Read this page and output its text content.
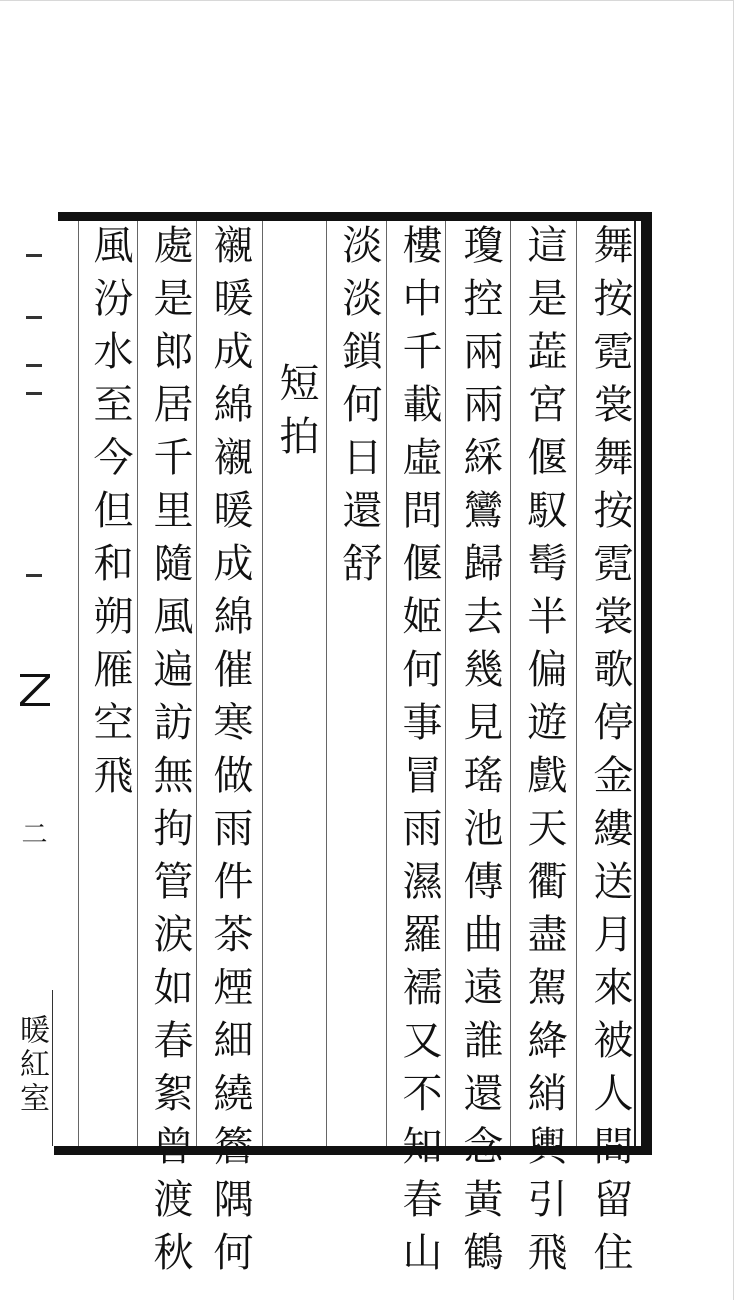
舞按霓裳舞按霓裳歌停金縷送月來被人間留住
這是蕋宮偃馭髩半偏遊戲天衢盡駕絳綃輿引飛
瓊控兩兩綵鸞歸去幾見瑤池傳曲遠誰還念黃鶴
樓中千載虛問偃姬何事冒雨濕羅襦又不知春山
淡淡鎖何日還舒
短拍
襯暖成綿襯暖成綿催寒做雨件茶煙細繞簷隅何
處是郎居千里隨風遍訪無拘管涙如春絮曾渡秋
風汾水至今但和朔雁空飛
二
暖紅室
